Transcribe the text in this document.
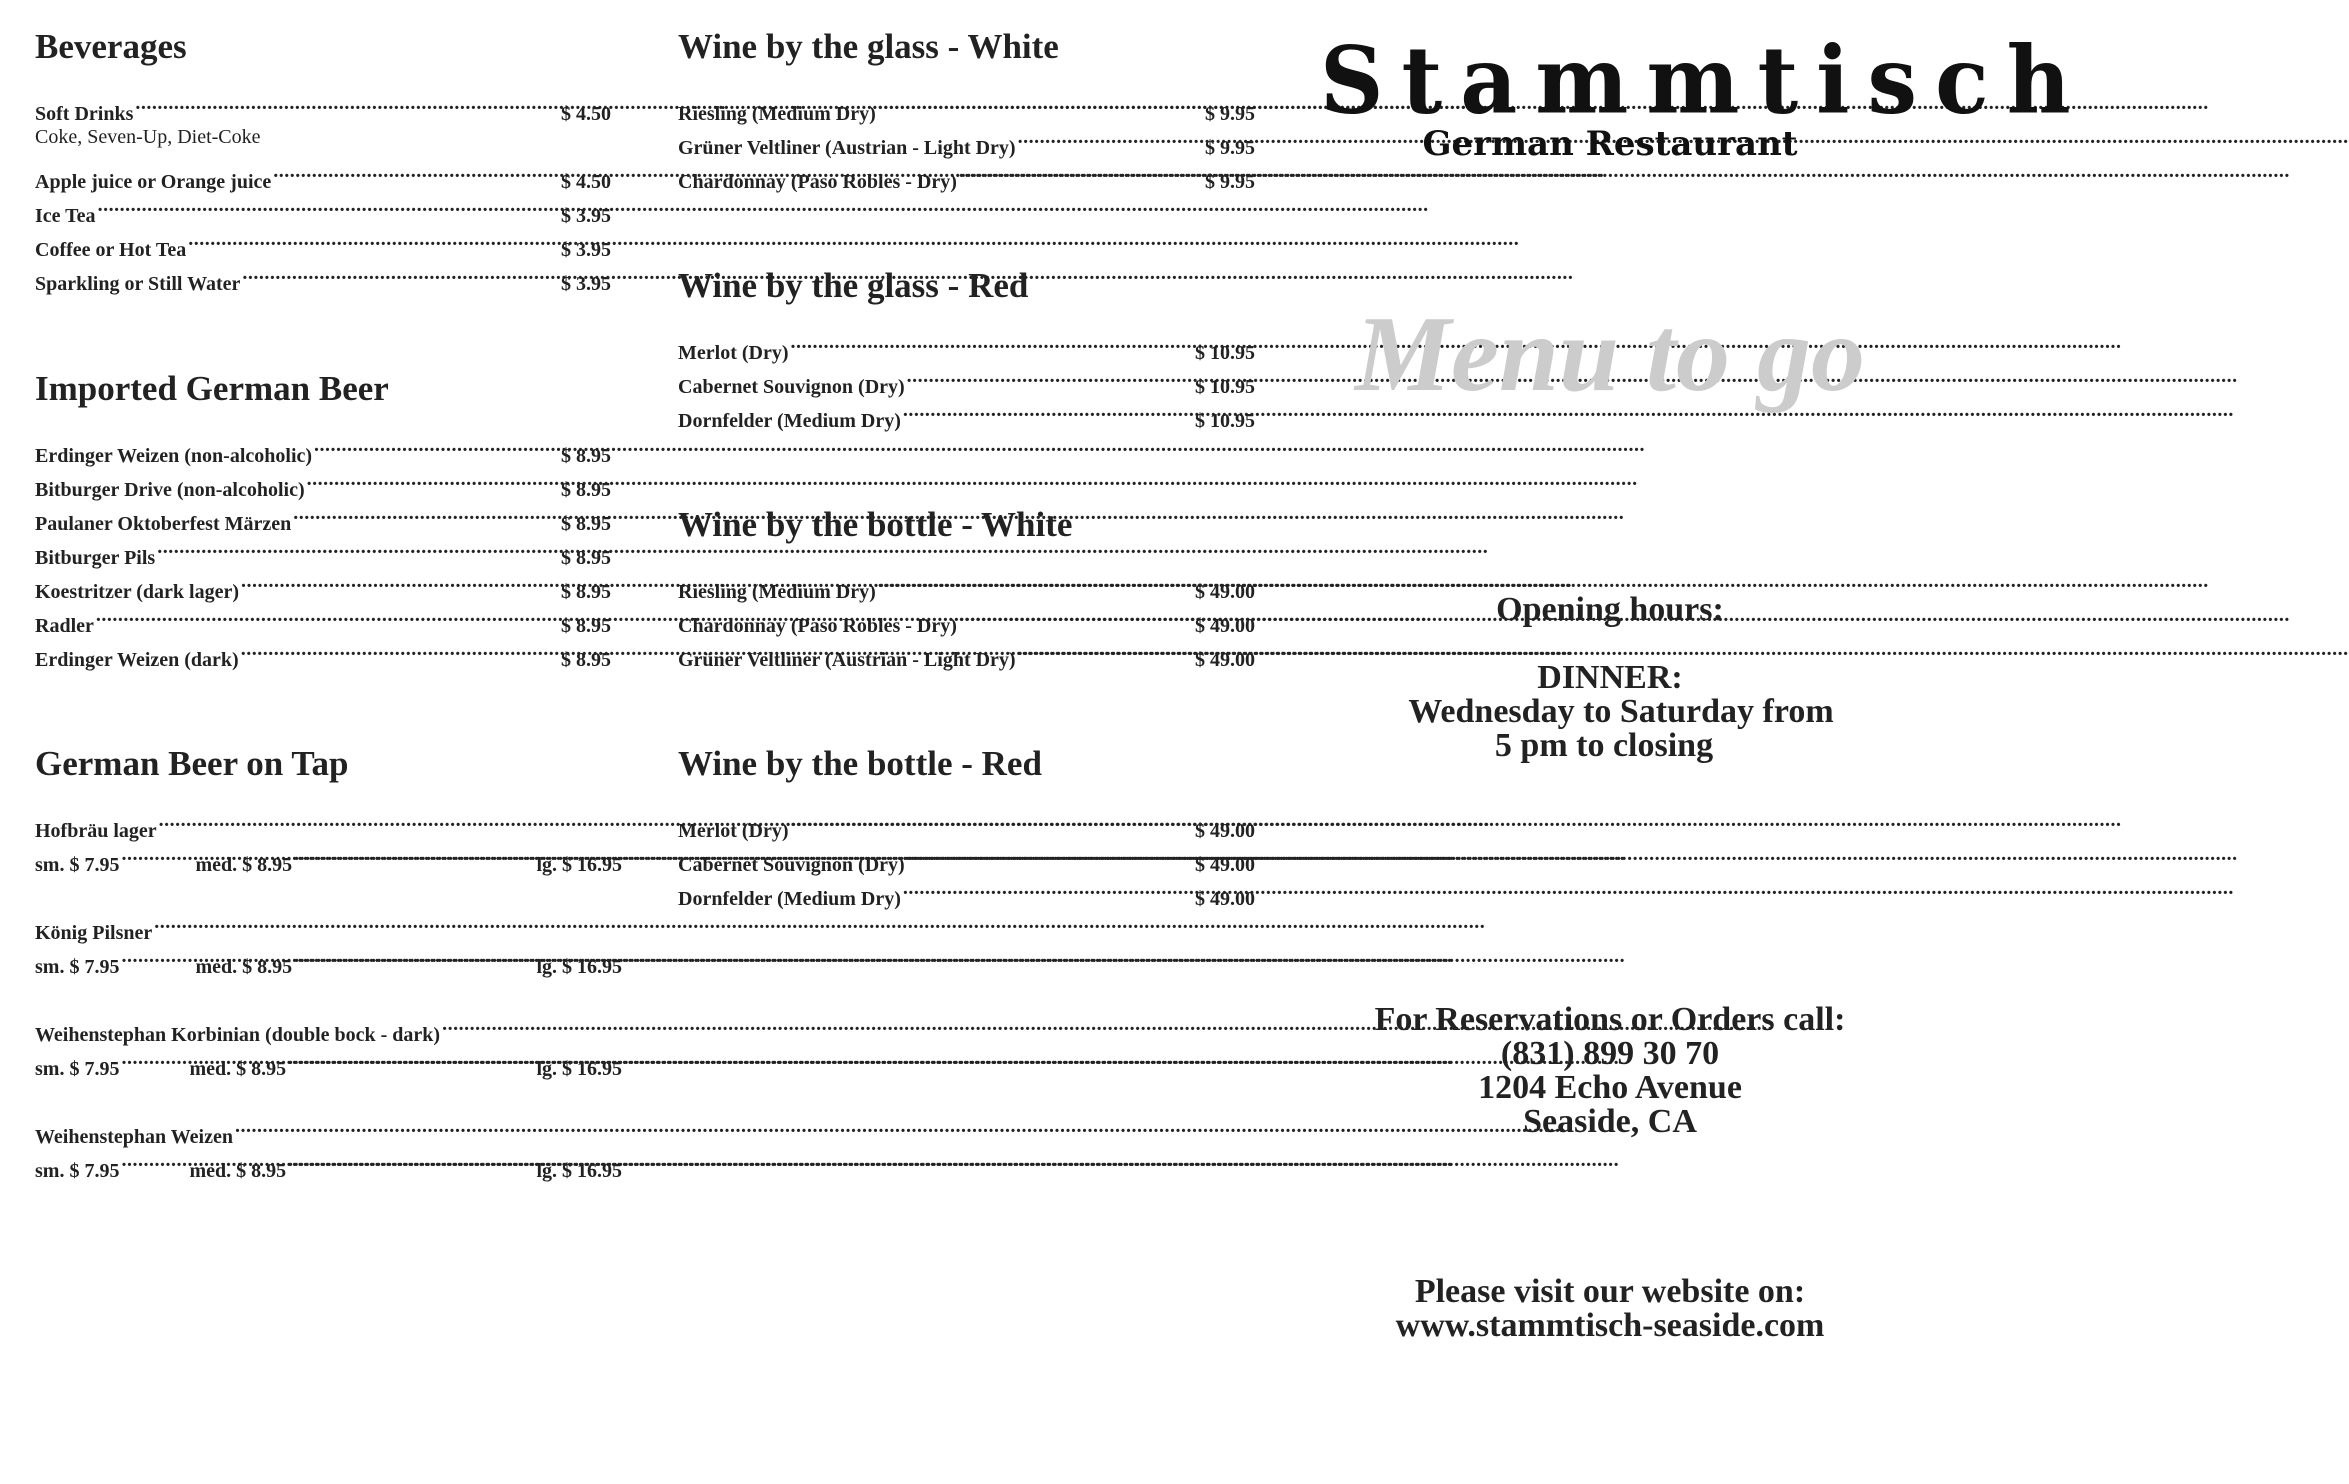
Beverages
Soft Drinks .....	$ 4.50
Coke, Seven-Up, Diet-Coke
Apple juice or Orange juice .....	$ 4.50
Ice Tea .....	$ 3.95
Coffee or Hot Tea .....	$ 3.95
Sparkling or Still Water .....	$ 3.95
Imported German Beer
Erdinger Weizen (non-alcoholic) .....	$ 8.95
Bitburger Drive (non-alcoholic) .....	$ 8.95
Paulaner Oktoberfest Märzen .....	$ 8.95
Bitburger Pils .....	$ 8.95
Koestritzer (dark lager) .....	$ 8.95
Radler .....	$ 8.95
Erdinger Weizen (dark) .....	$ 8.95
German Beer on Tap
Hofbräu lager
.....
sm. $ 7.95 .....	med. $ 8.95 .....	lg. $ 16.95
König Pilsner
.....
sm. $ 7.95 .....	med. $ 8.95 .....	lg. $ 16.95
Weihenstephan Korbinian (double bock - dark)
.....
sm. $ 7.95 .....	med. $ 8.95 .....	lg. $ 16.95
Weihenstephan Weizen
.....
sm. $ 7.95 .....	med. $ 8.95 .....	lg. $ 16.95
Wine by the glass - White
Riesling (Medium Dry) .....	$ 9.95
Grüner Veltliner (Austrian - Light Dry) .....	$ 9.95
Chardonnay (Paso Robles - Dry) .....	$ 9.95
Wine by the glass - Red
Merlot (Dry) .....	$ 10.95
Cabernet Souvignon (Dry) .....	$ 10.95
Dornfelder (Medium Dry) .....	$ 10.95
Wine by the bottle - White
Riesling (Medium Dry) .....	$ 49.00
Chardonnay (Paso Robles - Dry) .....	$ 49.00
Grüner Veltliner (Austrian - Light Dry) .....	$ 49.00
Wine by the bottle - Red
Merlot (Dry) .....	$ 49.00
Cabernet Souvignon (Dry) .....	$ 49.00
Dornfelder (Medium Dry) .....	$ 49.00
Stammtisch
German Restaurant
Menu to go
Opening hours:
DINNER:
Wednesday to Saturday from
5 pm to closing
For Reservations or Orders call:
(831) 899 30 70
1204 Echo Avenue
Seaside, CA
Please visit our website on:
www.stammtisch-seaside.com
